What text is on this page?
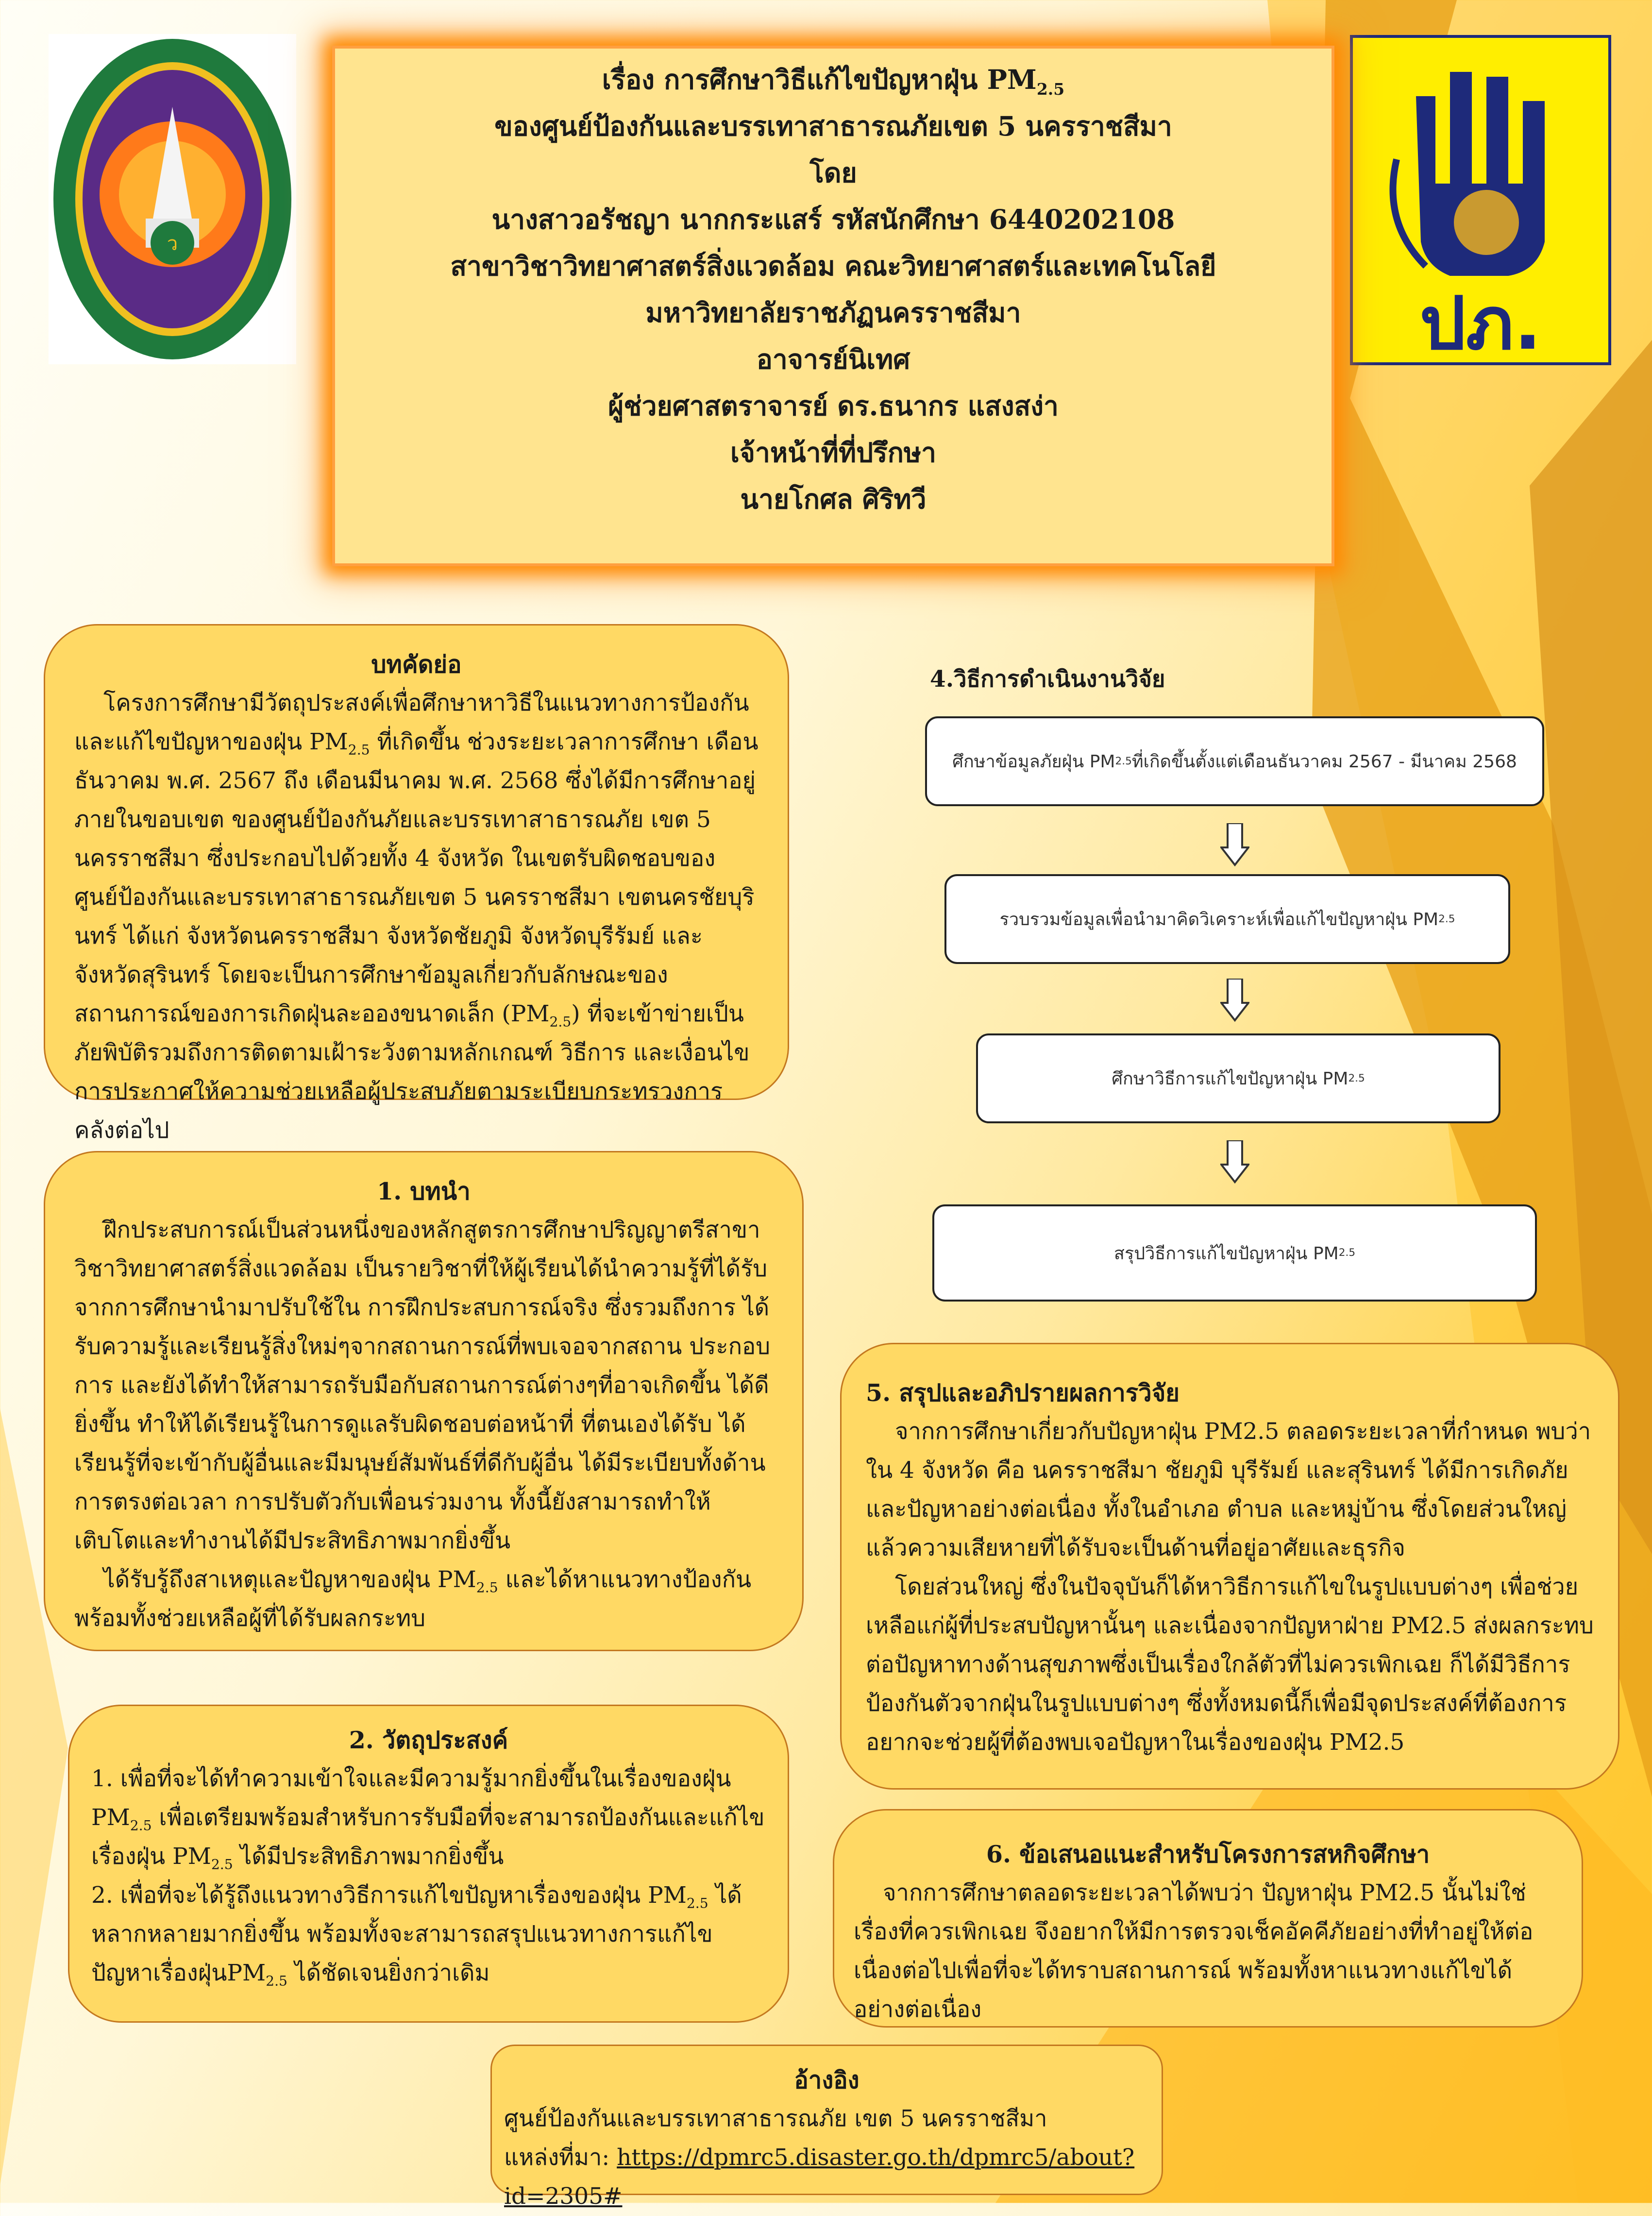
ว
ปภ.
เรื่อง การศึกษาวิธีแก้ไขปัญหาฝุ่น $PM_{2.5}$
ของศูนย์ป้องกันและบรรเทาสาธารณภัยเขต 5 นครราชสีมา
โดย
นางสาวอรัชญา นากกระแสร์ รหัสนักศึกษา 6440202108
สาขาวิชาวิทยาศาสตร์สิ่งแวดล้อม คณะวิทยาศาสตร์และเทคโนโลยี
มหาวิทยาลัยราชภัฏนครราชสีมา
อาจารย์นิเทศ
ผู้ช่วยศาสตราจารย์ ดร.ธนากร แสงสง่า
เจ้าหน้าที่ที่ปรึกษา
นายโกศล ศิริทวี
บทคัดย่อ

โครงการศึกษามีวัตถุประสงค์เพื่อศึกษาหาวิธีในแนวทางการป้องกันและแก้ไขปัญหาของฝุ่น $PM_{2.5}$ ที่เกิดขึ้น ช่วงระยะเวลาการศึกษา เดือนธันวาคม พ.ศ. 2567 ถึง เดือนมีนาคม พ.ศ. 2568 ซึ่งได้มีการศึกษาอยู่ภายในขอบเขต ของศูนย์ป้องกันภัยและบรรเทาสาธารณภัย เขต 5 นครราชสีมา ซึ่งประกอบไปด้วยทั้ง 4 จังหวัด ในเขตรับผิดชอบของศูนย์ป้องกันและบรรเทาสาธารณภัยเขต 5 นครราชสีมา เขตนครชัยบุรินทร์ ได้แก่ จังหวัดนครราชสีมา จังหวัดชัยภูมิ จังหวัดบุรีรัมย์ และจังหวัดสุรินทร์ โดยจะเป็นการศึกษาข้อมูลเกี่ยวกับลักษณะของสถานการณ์ของการเกิดฝุ่นละอองขนาดเล็ก $(PM_{2.5})$ ที่จะเข้าข่ายเป็นภัยพิบัติรวมถึงการติดตามเฝ้าระวังตามหลักเกณฑ์ วิธีการ และเงื่อนไขการประกาศให้ความช่วยเหลือผู้ประสบภัยตามระเบียบกระทรวงการคลังต่อไป

1. บทนำ

ฝึกประสบการณ์เป็นส่วนหนึ่งของหลักสูตรการศึกษาปริญญาตรีสาขาวิชาวิทยาศาสตร์สิ่งแวดล้อม เป็นรายวิชาที่ให้ผู้เรียนได้นำความรู้ที่ได้รับจากการศึกษานำมาปรับใช้ใน การฝึกประสบการณ์จริง ซึ่งรวมถึงการ ได้รับความรู้และเรียนรู้สิ่งใหม่ๆจากสถานการณ์ที่พบเจอจากสถาน ประกอบการ และยังได้ทำให้สามารถรับมือกับสถานการณ์ต่างๆที่อาจเกิดขึ้น ได้ดียิ่งขึ้น ทำให้ได้เรียนรู้ในการดูแลรับผิดชอบต่อหน้าที่ ที่ตนเองได้รับ ได้เรียนรู้ที่จะเข้ากับผู้อื่นและมีมนุษย์สัมพันธ์ที่ดีกับผู้อื่น ได้มีระเบียบทั้งด้านการตรงต่อเวลา การปรับตัวกับเพื่อนร่วมงาน ทั้งนี้ยังสามารถทำให้เติบโตและทำงานได้มีประสิทธิภาพมากยิ่งขึ้น

ได้รับรู้ถึงสาเหตุและปัญหาของฝุ่น $PM_{2.5}$ และได้หาแนวทางป้องกัน พร้อมทั้งช่วยเหลือผู้ที่ได้รับผลกระทบ

2. วัตถุประสงค์

1. เพื่อที่จะได้ทำความเข้าใจและมีความรู้มากยิ่งขึ้นในเรื่องของฝุ่น $PM_{2.5}$ เพื่อเตรียมพร้อมสำหรับการรับมือที่จะสามารถป้องกันและแก้ไขเรื่องฝุ่น $PM_{2.5}$ ได้มีประสิทธิภาพมากยิ่งขึ้น

2. เพื่อที่จะได้รู้ถึงแนวทางวิธีการแก้ไขปัญหาเรื่องของฝุ่น $PM_{2.5}$ ได้หลากหลายมากยิ่งขึ้น พร้อมทั้งจะสามารถสรุปแนวทางการแก้ไขปัญหาเรื่องฝุ่น$PM_{2.5}$ ได้ชัดเจนยิ่งกว่าเดิม

4.วิธีการดำเนินงานวิจัย
ศึกษาข้อมูลภัยฝุ่น PM 2.5 ที่เกิดขึ้นตั้งแต่เดือนธันวาคม 2567 - มีนาคม 2568
รวบรวมข้อมูลเพื่อนำมาคิดวิเคราะห์เพื่อแก้ไขปัญหาฝุ่น PM 2.5
ศึกษาวิธีการแก้ไขปัญหาฝุ่น PM 2.5
สรุปวิธีการแก้ไขปัญหาฝุ่น PM 2.5
5. สรุปและอภิปรายผลการวิจัย

จากการศึกษาเกี่ยวกับปัญหาฝุ่น PM2.5 ตลอดระยะเวลาที่กำหนด พบว่าใน 4 จังหวัด คือ นครราชสีมา ชัยภูมิ บุรีรัมย์ และสุรินทร์ ได้มีการเกิดภัยและปัญหาอย่างต่อเนื่อง ทั้งในอำเภอ ตำบล และหมู่บ้าน ซึ่งโดยส่วนใหญ่แล้วความเสียหายที่ได้รับจะเป็นด้านที่อยู่อาศัยและธุรกิจ

โดยส่วนใหญ่ ซึ่งในปัจจุบันก็ได้หาวิธีการแก้ไขในรูปแบบต่างๆ เพื่อช่วยเหลือแก่ผู้ที่ประสบปัญหานั้นๆ และเนื่องจากปัญหาฝ่าย PM2.5 ส่งผลกระทบต่อปัญหาทางด้านสุขภาพซึ่งเป็นเรื่องใกล้ตัวที่ไม่ควรเพิกเฉย ก็ได้มีวิธีการป้องกันตัวจากฝุ่นในรูปแบบต่างๆ ซึ่งทั้งหมดนี้ก็เพื่อมีจุดประสงค์ที่ต้องการอยากจะช่วยผู้ที่ต้องพบเจอปัญหาในเรื่องของฝุ่น PM2.5

6. ข้อเสนอแนะสำหรับโครงการสหกิจศึกษา

จากการศึกษาตลอดระยะเวลาได้พบว่า ปัญหาฝุ่น PM2.5 นั้นไม่ใช่เรื่องที่ควรเพิกเฉย จึงอยากให้มีการตรวจเช็คอัคคีภัยอย่างที่ทำอยู่ให้ต่อเนื่องต่อไปเพื่อที่จะได้ทราบสถานการณ์ พร้อมทั้งหาแนวทางแก้ไขได้อย่างต่อเนื่อง

อ้างอิง

ศูนย์ป้องกันและบรรเทาสาธารณภัย เขต 5 นครราชสีมา

แหล่งที่มา: https://dpmrc5.disaster.go.th/dpmrc5/about?id=2305#
